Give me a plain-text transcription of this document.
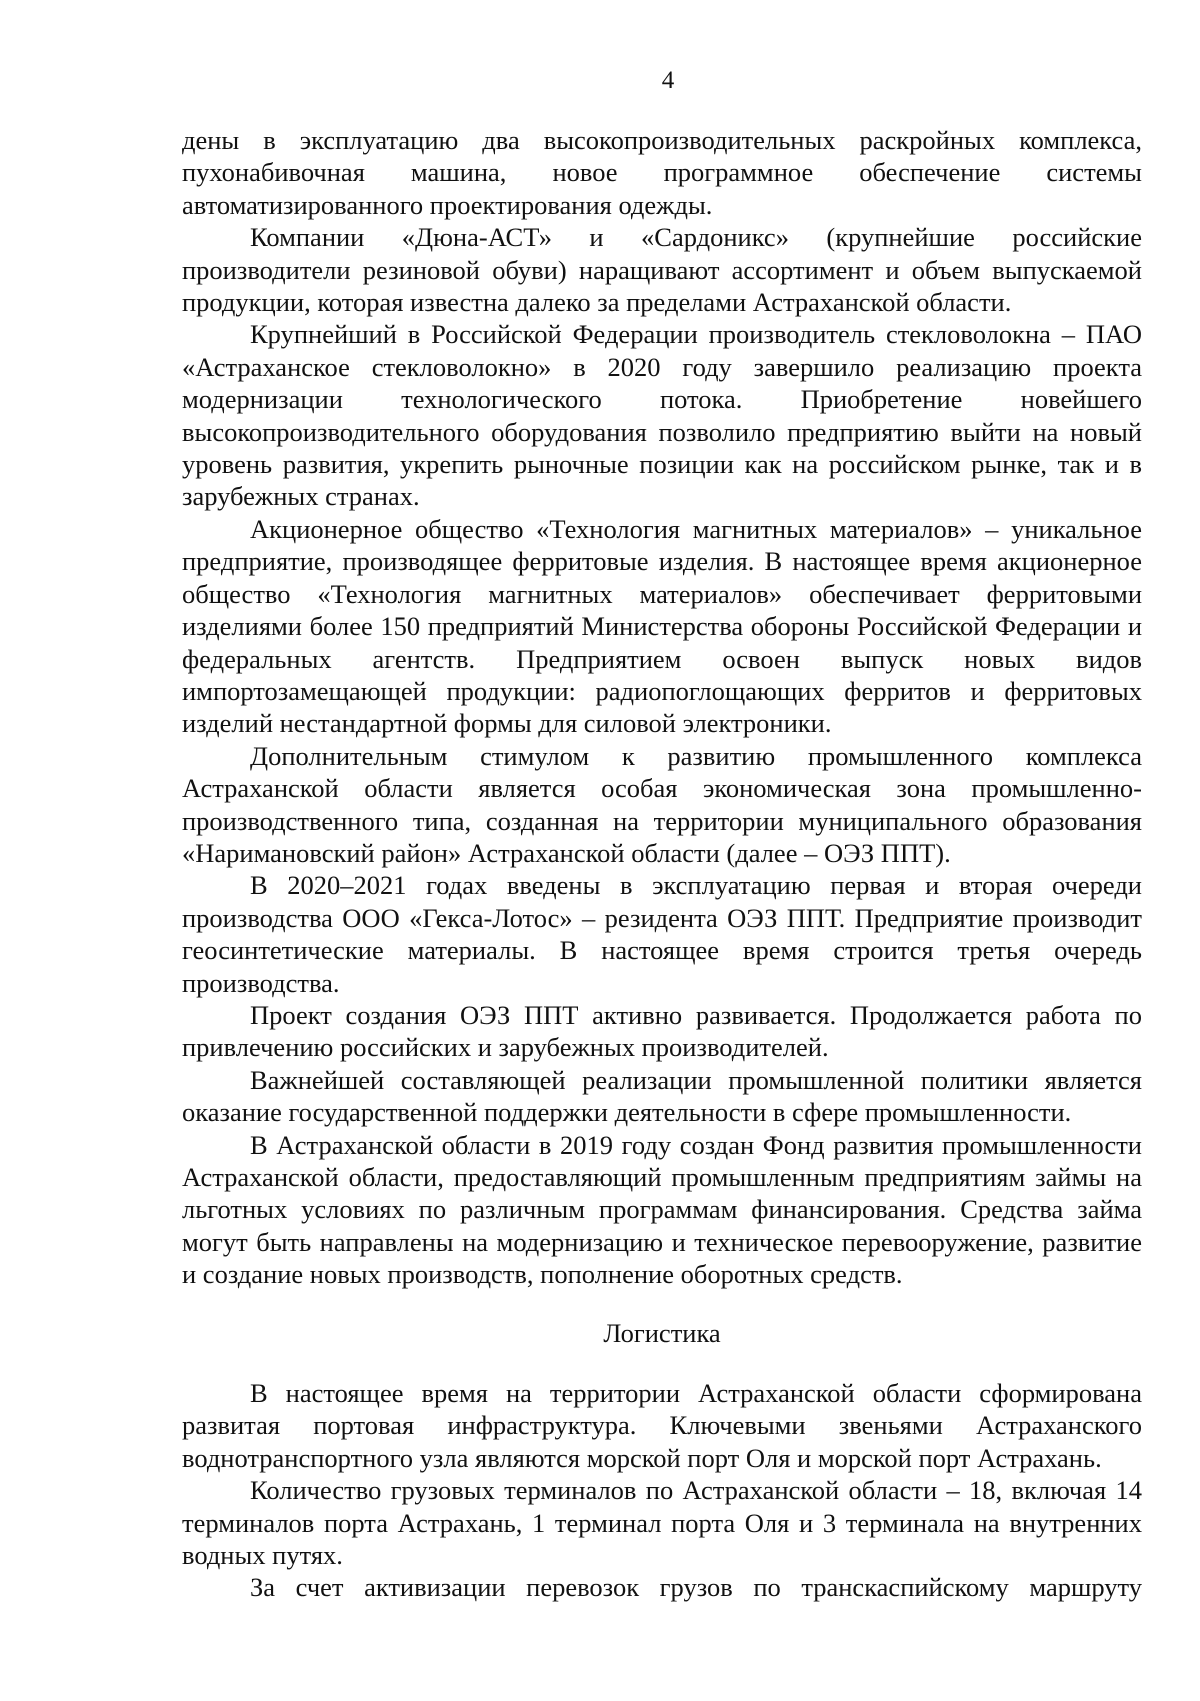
4

дены в эксплуатацию два высокопроизводительных раскройных комплекса, пухонабивочная машина, новое программное обеспечение системы автоматизированного проектирования одежды.

Компании «Дюна-АСТ» и «Сардоникс» (крупнейшие российские производители резиновой обуви) наращивают ассортимент и объем выпускаемой продукции, которая известна далеко за пределами Астраханской области.

Крупнейший в Российской Федерации производитель стекловолокна – ПАО «Астраханское стекловолокно» в 2020 году завершило реализацию проекта модернизации технологического потока. Приобретение новейшего высокопроизводительного оборудования позволило предприятию выйти на новый уровень развития, укрепить рыночные позиции как на российском рынке, так и в зарубежных странах.

Акционерное общество «Технология магнитных материалов» – уникальное предприятие, производящее ферритовые изделия. В настоящее время акционерное общество «Технология магнитных материалов» обеспечивает ферритовыми изделиями более 150 предприятий Министерства обороны Российской Федерации и федеральных агентств. Предприятием освоен выпуск новых видов импортозамещающей продукции: радиопоглощающих ферритов и ферритовых изделий нестандартной формы для силовой электроники.

Дополнительным стимулом к развитию промышленного комплекса Астраханской области является особая экономическая зона промышленно-производственного типа, созданная на территории муниципального образования «Наримановский район» Астраханской области (далее – ОЭЗ ППТ).

В 2020–2021 годах введены в эксплуатацию первая и вторая очереди производства ООО «Гекса-Лотос» – резидента ОЭЗ ППТ. Предприятие производит геосинтетические материалы. В настоящее время строится третья очередь производства.

Проект создания ОЭЗ ППТ активно развивается. Продолжается работа по привлечению российских и зарубежных производителей.

Важнейшей составляющей реализации промышленной политики является оказание государственной поддержки деятельности в сфере промышленности.

В Астраханской области в 2019 году создан Фонд развития промышленности Астраханской области, предоставляющий промышленным предприятиям займы на льготных условиях по различным программам финансирования. Средства займа могут быть направлены на модернизацию и техническое перевооружение, развитие и создание новых производств, пополнение оборотных средств.

Логистика

В настоящее время на территории Астраханской области сформирована развитая портовая инфраструктура. Ключевыми звеньями Астраханского воднотранспортного узла являются морской порт Оля и морской порт Астрахань.

Количество грузовых терминалов по Астраханской области – 18, включая 14 терминалов порта Астрахань, 1 терминал порта Оля и 3 терминала на внутренних водных путях.

За счет активизации перевозок грузов по транскаспийскому маршруту
